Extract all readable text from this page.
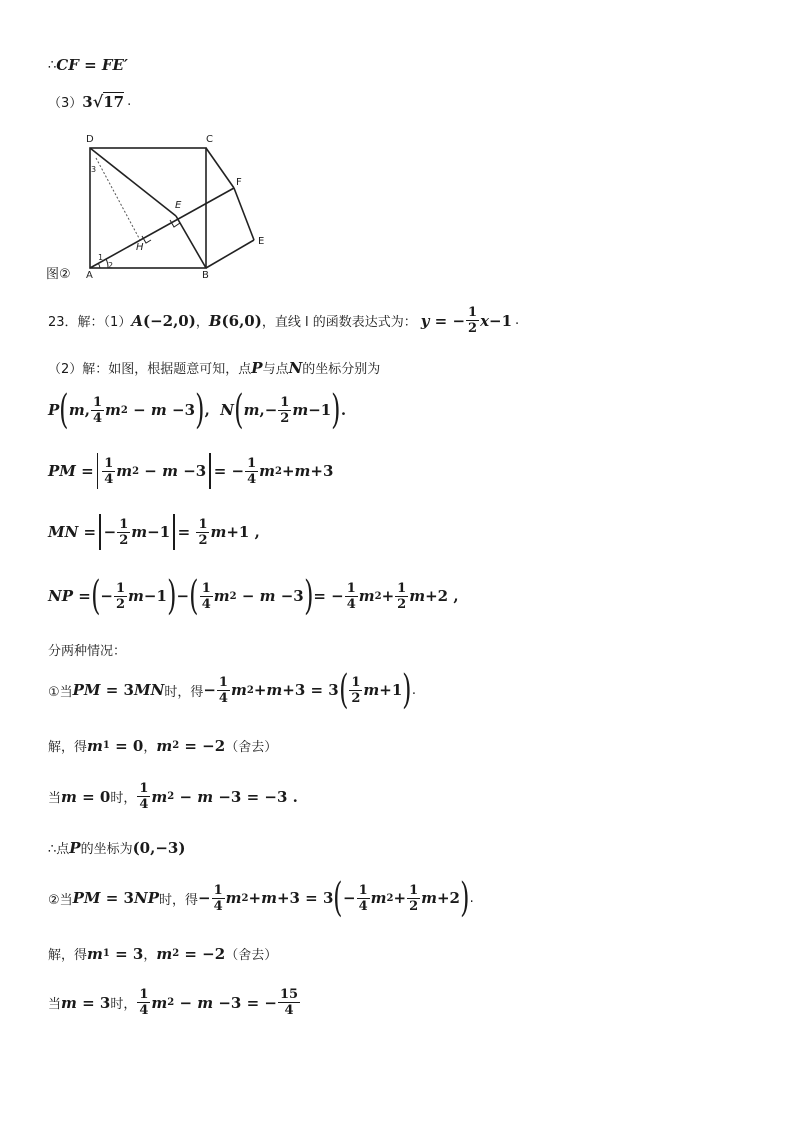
∴ CF = FE′
（3） 3 √ 17 .
D	C
F
E
A	B
H
E
3
1
2
图②
23．解：（1） A (−2,0) ， B (6,0) ，直线 l 的函数表达式为： y = − $\frac{1}{2}$ x −1 .
（2）解：如图，根据题意可知，点 P 与点 N 的坐标分别为
P ( m , $\frac{1}{4}$ m 2 − m −3 ) , N ( m ,− $\frac{1}{2}$ m −1 ) .
PM = $\frac{1}{4}$ m 2 − m −3 = − $\frac{1}{4}$ m 2 + m +3
MN = − $\frac{1}{2}$ $m -1 = \frac{1}{2}$ m +1 ,
NP = ( − $\frac{1}{2}$ m −1 ) − ( $\frac{1}{4}$ m 2 − m −3 ) = − $\frac{1}{4}$ m $2 + \frac{1}{2}$ m +2 ,
分两种情况：
①当 PM = 3 MN 时，得 − $\frac{1}{4}$ m 2 + m +3 = 3 ( $\frac{1}{2}$ m +1 ) .
解，得 m 1 = 0 ， m 2 = −2 （舍去）
当 m = 0 时， $\frac{1}{4}$ m 2 − m −3 = −3 .
∴点 P 的坐标为 (0,−3)
②当 PM = 3 NP 时，得 − $\frac{1}{4}$ m 2 + m +3 = 3 ( − $\frac{1}{4}$ m $2 + \frac{1}{2}$ m +2 ) .
解，得 m 1 = 3 ， m 2 = −2 （舍去）
当 m = 3 时， $\frac{1}{4}$ m 2 − m −3 = − $\frac{15}{4}$
